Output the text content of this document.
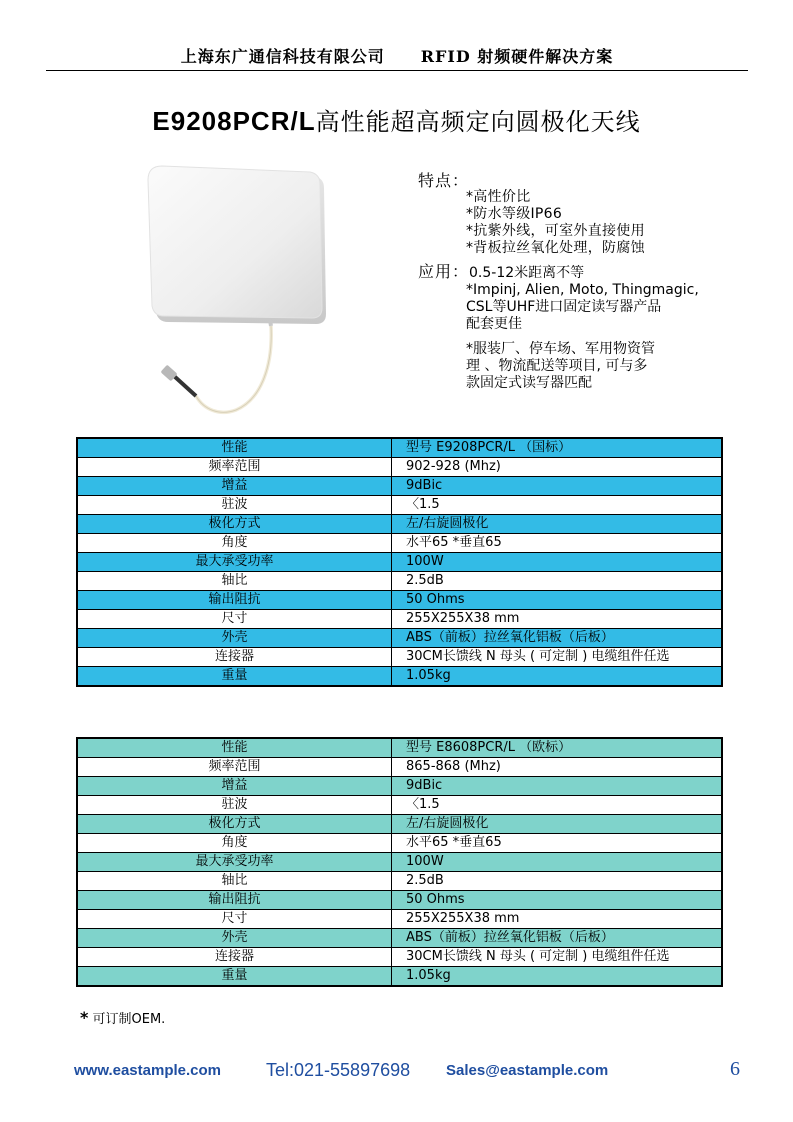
上海东广通信科技有限公司 RFID 射频硬件解决方案
E9208PCR/L高性能超高频定向圆极化天线
特点：
*高性价比
*防水等级IP66
*抗紫外线，可室外直接使用
*背板拉丝氧化处理，防腐蚀
应用：0.5-12米距离不等
*Impinj, Alien, Moto, Thingmagic,
CSL等UHF进口固定读写器产品
配套更佳
*服装厂、停车场、军用物资管
理 、物流配送等项目, 可与多
款固定式读写器匹配
性能	型号 E9208PCR/L （国标）
频率范围	902-928 (Mhz)
增益	9dBic
驻波	〈1.5
极化方式	左/右旋圆极化
角度	水平65 *垂直65
最大承受功率	100W
轴比	2.5dB
输出阻抗	50 Ohms
尺寸	255X255X38 mm
外壳	ABS（前板）拉丝氧化铝板（后板）
连接器	30CM长馈线 N 母头 ( 可定制 ) 电缆组件任选
重量	1.05kg
性能	型号 E8608PCR/L （欧标）
频率范围	865-868 (Mhz)
增益	9dBic
驻波	〈1.5
极化方式	左/右旋圆极化
角度	水平65 *垂直65
最大承受功率	100W
轴比	2.5dB
输出阻抗	50 Ohms
尺寸	255X255X38 mm
外壳	ABS（前板）拉丝氧化铝板（后板）
连接器	30CM长馈线 N 母头 ( 可定制 ) 电缆组件任选
重量	1.05kg
* 可订制OEM.
www.eastample.com	Tel:021-55897698 Sales@eastample.com	6
